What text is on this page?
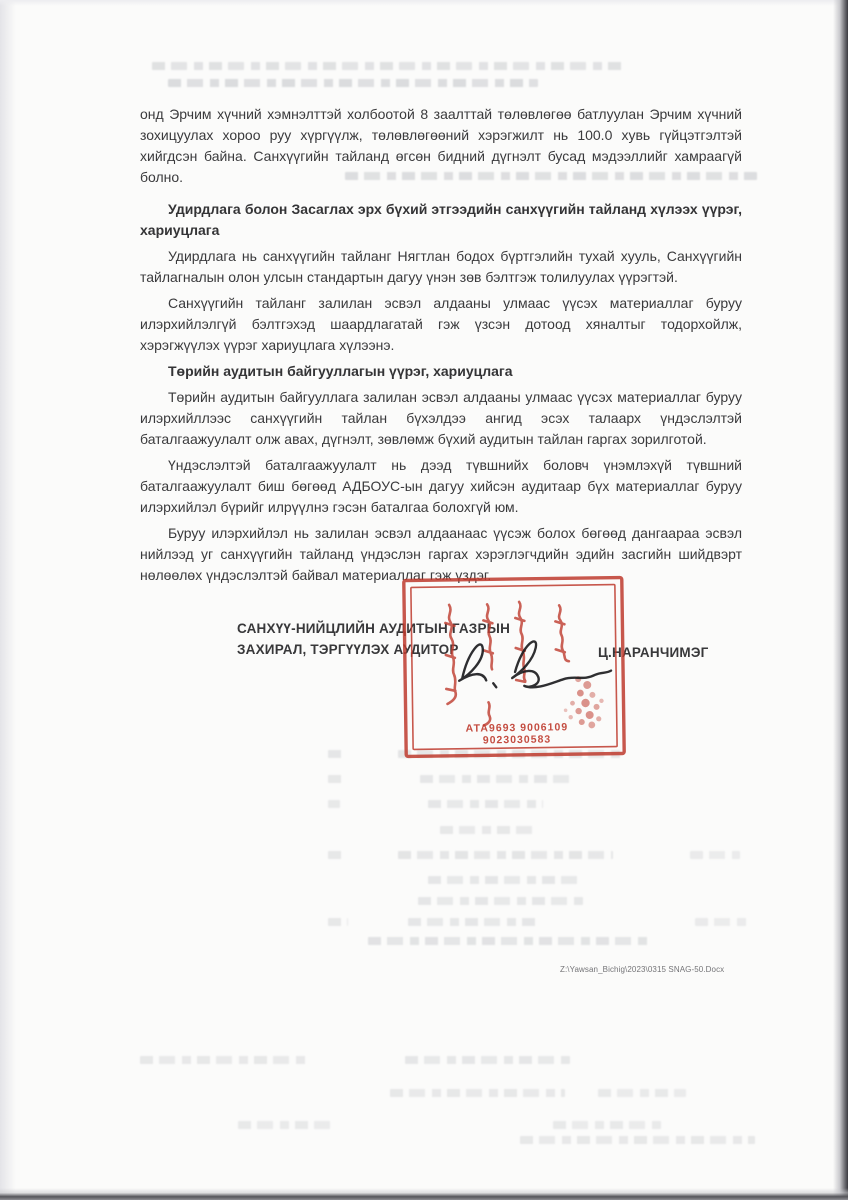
онд Эрчим хүчний хэмнэлттэй холбоотой 8 заалттай төлөвлөгөө батлуулан Эрчим хүчний зохицуулах хороо руу хүргүүлж, төлөвлөгөөний хэрэгжилт нь 100.0 хувь гүйцэтгэлтэй хийгдсэн байна. Санхүүгийн тайланд өгсөн бидний дүгнэлт бусад мэдээллийг хамраагүй болно.

Удирдлага болон Засаглах эрх бүхий этгээдийн санхүүгийн тайланд хүлээх үүрэг, хариуцлага

Удирдлага нь санхүүгийн тайланг Нягтлан бодох бүртгэлийн тухай хууль, Санхүүгийн тайлагналын олон улсын стандартын дагуу үнэн зөв бэлтгэж толилуулах үүрэгтэй.

Санхүүгийн тайланг залилан эсвэл алдааны улмаас үүсэх материаллаг буруу илэрхийлэлгүй бэлтгэхэд шаардлагатай гэж үзсэн дотоод хяналтыг тодорхойлж, хэрэгжүүлэх үүрэг хариуцлага хүлээнэ.

Төрийн аудитын байгууллагын үүрэг, хариуцлага

Төрийн аудитын байгууллага залилан эсвэл алдааны улмаас үүсэх материаллаг буруу илэрхийллээс санхүүгийн тайлан бүхэлдээ ангид эсэх талаарх үндэслэлтэй баталгаажуулалт олж авах, дүгнэлт, зөвлөмж бүхий аудитын тайлан гаргах зорилготой.

Үндэслэлтэй баталгаажуулалт нь дээд түвшнийх боловч үнэмлэхүй түвшний баталгаажуулалт биш бөгөөд АДБОУС-ын дагуу хийсэн аудитаар бүх материаллаг буруу илэрхийлэл бүрийг илрүүлнэ гэсэн баталгаа болохгүй юм.

Буруу илэрхийлэл нь залилан эсвэл алдаанаас үүсэж болох бөгөөд дангаараа эсвэл нийлээд уг санхүүгийн тайланд үндэслэн гаргах хэрэглэгчдийн эдийн засгийн шийдвэрт нөлөөлөх үндэслэлтэй байвал материаллаг гэж үздэг.

САНХҮҮ-НИЙЦЛИЙН АУДИТЫН ГАЗРЫН
ЗАХИРАЛ, ТЭРГҮҮЛЭХ АУДИТОР	Ц.НАРАНЧИМЭГ
АТА9693 9006109
9023030583
Z:\Yawsan_Bichig\2023\0315 SNAG-50.Docx
